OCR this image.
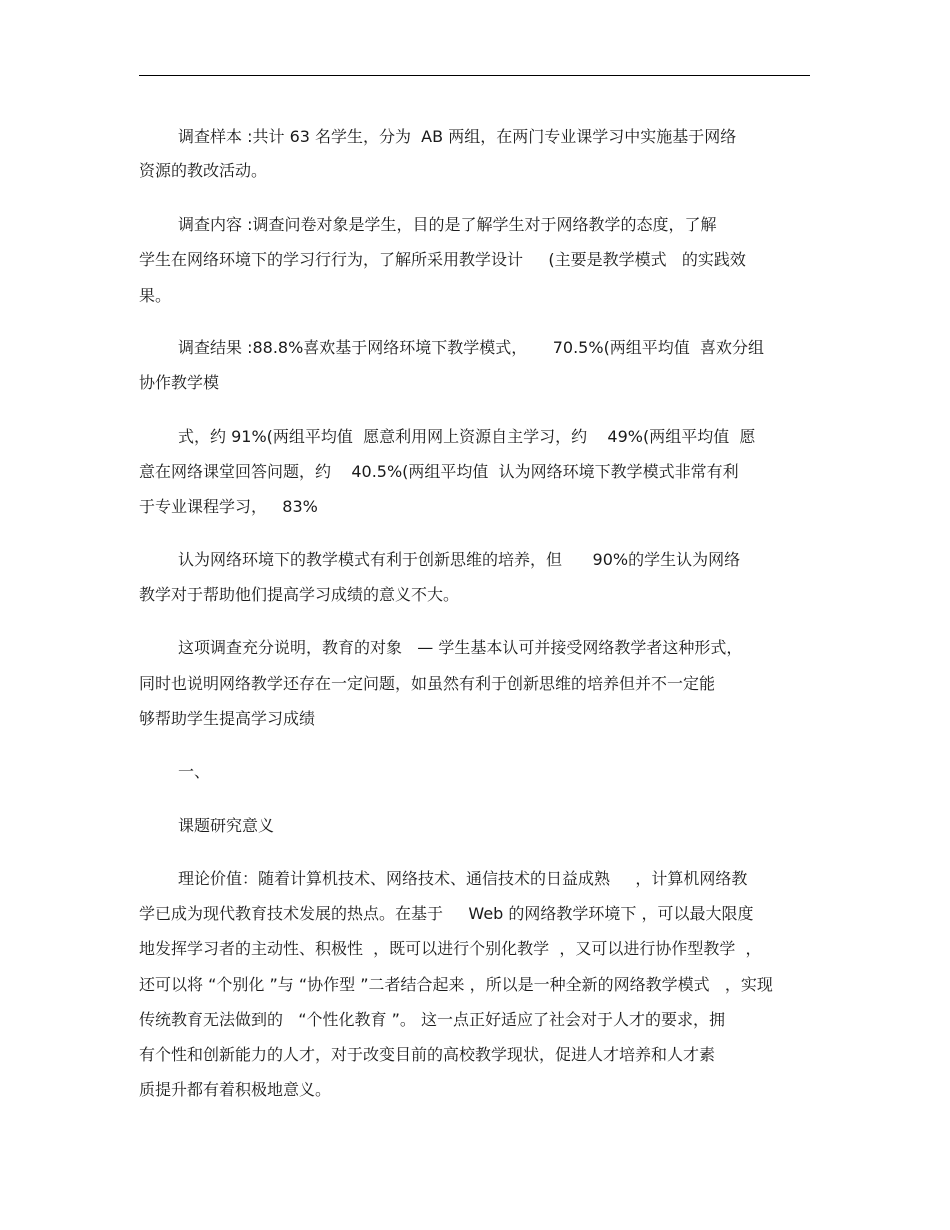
调查样本 :共计 63 名学生，分为  AB 两组，在两门专业课学习中实施基于网络
资源的教改活动。
调查内容 :调查问卷对象是学生，目的是了解学生对于网络教学的态度，了解
学生在网络环境下的学习行行为，了解所采用教学设计     (主要是教学模式   的实践效
果。
调查结果 :88.8%喜欢基于网络环境下教学模式，     70.5%(两组平均值  喜欢分组
协作教学模
式，约 91%(两组平均值  愿意利用网上资源自主学习，约    49%(两组平均值  愿
意在网络课堂回答问题，约    40.5%(两组平均值  认为网络环境下教学模式非常有利
于专业课程学习，   83%
认为网络环境下的教学模式有利于创新思维的培养，但      90%的学生认为网络
教学对于帮助他们提高学习成绩的意义不大。
这项调查充分说明，教育的对象   — 学生基本认可并接受网络教学者这种形式，
同时也说明网络教学还存在一定问题，如虽然有利于创新思维的培养但并不一定能
够帮助学生提高学习成绩
一、
课题研究意义
理论价值：随着计算机技术、网络技术、通信技术的日益成熟     ，计算机网络教
学已成为现代教育技术发展的热点。在基于     Web 的网络教学环境下 ，可以最大限度
地发挥学习者的主动性、积极性  ，既可以进行个别化教学  ，又可以进行协作型教学  ，
还可以将 “个别化 ”与 “协作型 ”二者结合起来 ，所以是一种全新的网络教学模式   ，实现
传统教育无法做到的   “个性化教育 ”。 这一点正好适应了社会对于人才的要求，拥
有个性和创新能力的人才，对于改变目前的高校教学现状，促进人才培养和人才素
质提升都有着积极地意义。
